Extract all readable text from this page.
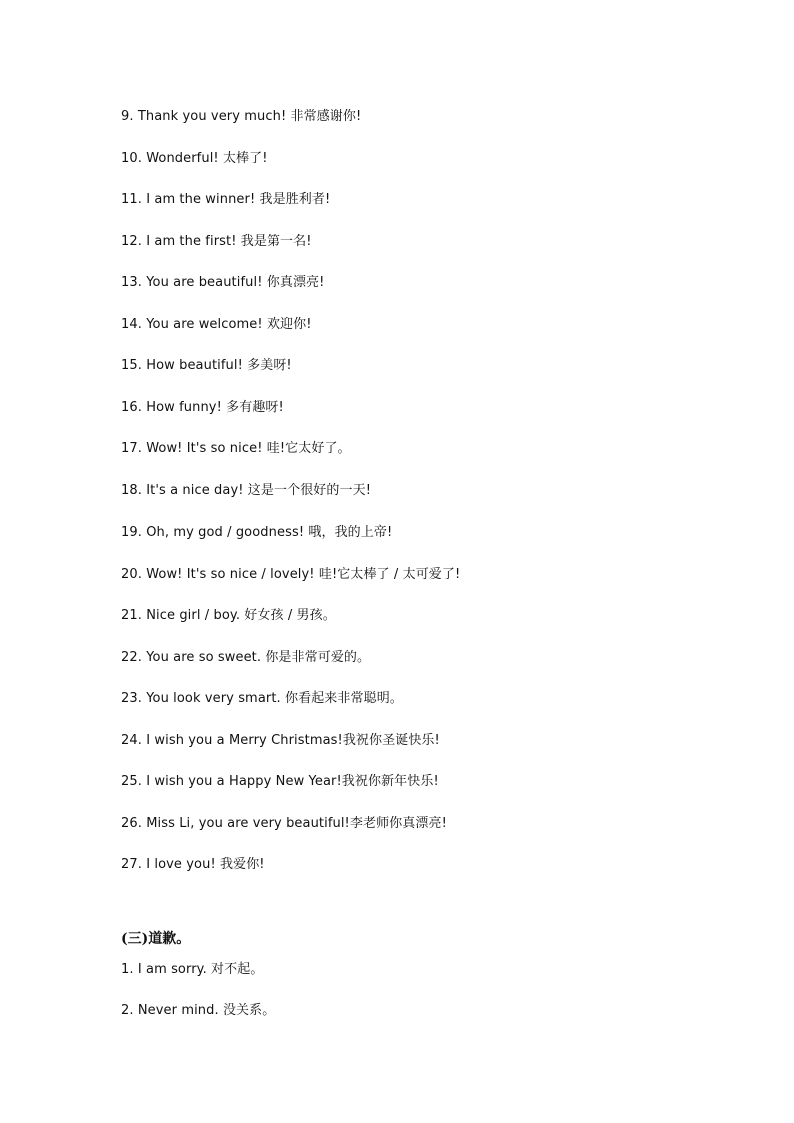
9. Thank you very much! 非常感谢你!
10. Wonderful! 太棒了!
11. I am the winner! 我是胜利者!
12. I am the first! 我是第一名!
13. You are beautiful! 你真漂亮!
14. You are welcome! 欢迎你!
15. How beautiful! 多美呀!
16. How funny! 多有趣呀!
17. Wow! It's so nice! 哇!它太好了。
18. It's a nice day! 这是一个很好的一天!
19. Oh, my god / goodness! 哦，我的上帝!
20. Wow! It's so nice / lovely! 哇!它太棒了 / 太可爱了!
21. Nice girl / boy. 好女孩 / 男孩。
22. You are so sweet. 你是非常可爱的。
23. You look very smart. 你看起来非常聪明。
24. I wish you a Merry Christmas!我祝你圣诞快乐!
25. I wish you a Happy New Year!我祝你新年快乐!
26. Miss Li, you are very beautiful!李老师你真漂亮!
27. I love you! 我爱你!
(三)道歉。
1. I am sorry. 对不起。
2. Never mind. 没关系。
